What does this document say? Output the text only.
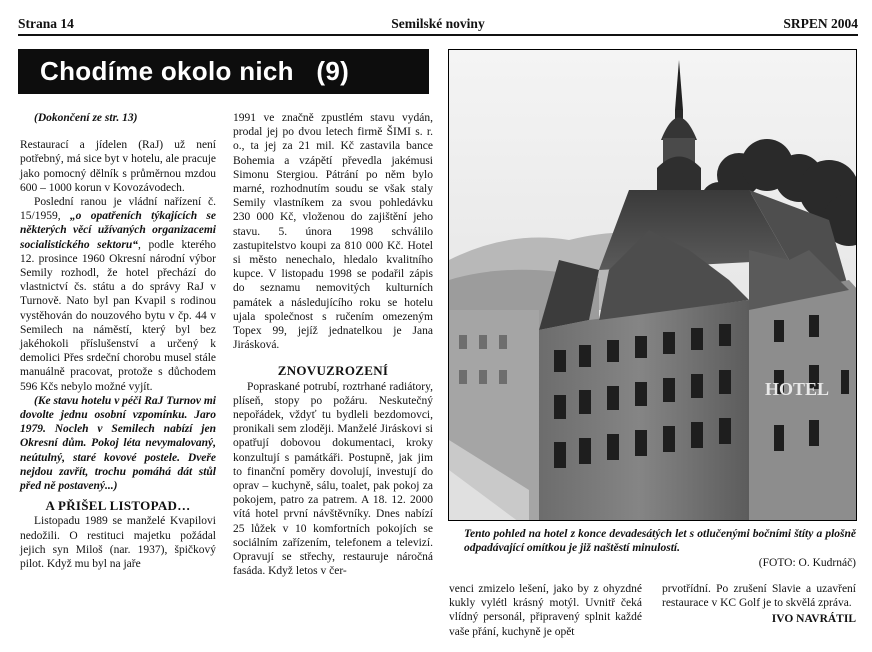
Strana 14	Semilské noviny	SRPEN 2004
Chodíme okolo nich   (9)
(Dokončení ze str. 13)

Restaurací a jídelen (RaJ) už není potřebný, má sice byt v hotelu, ale pracuje jako pomocný dělník s průměrnou mzdou 600 – 1000 korun v Kovozávodech.

Poslední ranou je vládní nařízení č. 15/1959, „o opatřeních týkajících se některých věcí užívaných organizacemi socialistického sektoru“, podle kterého 12. prosince 1960 Okresní národní výbor Semily rozhodl, že hotel přechází do vlastnictví čs. státu a do správy RaJ v Turnově. Nato byl pan Kvapil s rodinou vystěhován do nouzového bytu v čp. 44 v Semilech na náměstí, který byl bez jakéhokoli příslušenství a určený k demolici Přes srdeční chorobu musel stále manuálně pracovat, protože s důchodem 596 Kčs nebylo možné vyjít.

(Ke stavu hotelu v péči RaJ Turnov mi dovolte jednu osobní vzpomínku. Jaro 1979. Nocleh v Semilech nabízí jen Okresní dům. Pokoj léta nevymalovaný, neútulný, staré kovové postele. Dveře nejdou zavřít, trochu pomáhá dát stůl před ně postavený...)

A PŘIŠEL LISTOPAD…

Listopadu 1989 se manželé Kvapilovi nedožili. O restituci majetku požádal jejich syn Miloš (nar. 1937), špičkový pilot. Když mu byl na jaře

1991 ve značně zpustlém stavu vydán, prodal jej po dvou letech firmě ŠIMI s. r. o., ta jej za 21 mil. Kč zastavila bance Bohemia a vzápětí převedla jakémusi Simonu Stergiou. Pátrání po něm bylo marné, rozhodnutím soudu se však staly Semily vlastníkem za svou pohledávku 230 000 Kč, vloženou do zajištění jeho stavu. 5. února 1998 schválilo zastupitelstvo koupi za 810 000 Kč. Hotel si město nenechalo, hledalo kvalitního kupce. V listopadu 1998 se podařil zápis do seznamu nemovitých kulturních památek a následujícího roku se hotelu ujala společnost s ručením omezeným Topex 99, jejíž jednatelkou je Jana Jirásková.

ZNOVUZROZENÍ

Popraskané potrubí, roztrhané radiátory, plíseň, stopy po požáru. Neskutečný nepořádek, vždyť tu bydleli bezdomovci, pronikali sem zloději. Manželé Jiráskovi si opatřují dobovou dokumentaci, kroky konzultují s památkáři. Postupně, jak jim to finanční poměry dovolují, investují do oprav – kuchyně, sálu, toalet, pak pokoj za pokojem, patro za patrem. A 18. 12. 2000 vítá hotel první návštěvníky. Dnes nabízí 25 lůžek v 10 komfortních pokojích se sociálním zařízením, telefonem a televizí. Opravují se střechy, restauruje náročná fasáda. Když letos v čer-

HOTEL
Tento pohled na hotel z konce devadesátých let s otlučenými bočními štíty a plošně odpadávající omítkou je již naštěstí minulostí.
(FOTO: O. Kudrnáč)

venci zmizelo lešení, jako by z ohyzdné kukly vylétl krásný motýl. Uvnitř čeká vlídný personál, připravený splnit každé vaše přání, kuchyně je opět

prvotřídní. Po zrušení Slavie a uzavření restaurace v KC Golf je to skvělá zpráva.

IVO NAVRÁTIL
